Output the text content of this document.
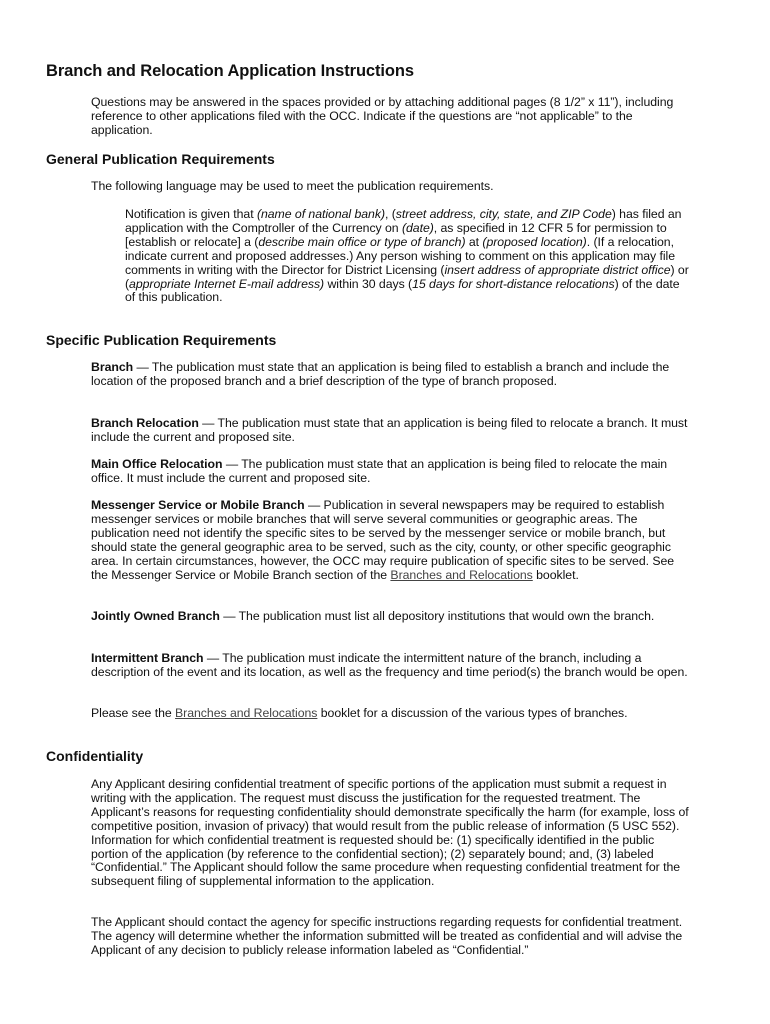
Branch and Relocation Application Instructions

Questions may be answered in the spaces provided or by attaching additional pages (8 1/2” x 11”), including reference to other applications filed with the OCC. Indicate if the questions are “not applicable” to the application.

General Publication Requirements

The following language may be used to meet the publication requirements.

Notification is given that (name of national bank), (street address, city, state, and ZIP Code) has filed an application with the Comptroller of the Currency on (date), as specified in 12 CFR 5 for permission to [establish or relocate] a (describe main office or type of branch) at (proposed location). (If a relocation, indicate current and proposed addresses.) Any person wishing to comment on this application may file comments in writing with the Director for District Licensing (insert address of appropriate district office) or (appropriate Internet E-mail address) within 30 days (15 days for short-distance relocations) of the date of this publication.

Specific Publication Requirements

Branch — The publication must state that an application is being filed to establish a branch and include the location of the proposed branch and a brief description of the type of branch proposed.

Branch Relocation — The publication must state that an application is being filed to relocate a branch. It must include the current and proposed site.

Main Office Relocation — The publication must state that an application is being filed to relocate the main office. It must include the current and proposed site.

Messenger Service or Mobile Branch — Publication in several newspapers may be required to establish messenger services or mobile branches that will serve several communities or geographic areas. The publication need not identify the specific sites to be served by the messenger service or mobile branch, but should state the general geographic area to be served, such as the city, county, or other specific geographic area. In certain circumstances, however, the OCC may require publication of specific sites to be served. See the Messenger Service or Mobile Branch section of the Branches and Relocations booklet.

Jointly Owned Branch — The publication must list all depository institutions that would own the branch.

Intermittent Branch — The publication must indicate the intermittent nature of the branch, including a description of the event and its location, as well as the frequency and time period(s) the branch would be open.

Please see the Branches and Relocations booklet for a discussion of the various types of branches.

Confidentiality

Any Applicant desiring confidential treatment of specific portions of the application must submit a request in writing with the application. The request must discuss the justification for the requested treatment. The Applicant’s reasons for requesting confidentiality should demonstrate specifically the harm (for example, loss of competitive position, invasion of privacy) that would result from the public release of information (5 USC 552). Information for which confidential treatment is requested should be: (1) specifically identified in the public portion of the application (by reference to the confidential section); (2) separately bound; and, (3) labeled “Confidential.” The Applicant should follow the same procedure when requesting confidential treatment for the subsequent filing of supplemental information to the application.

The Applicant should contact the agency for specific instructions regarding requests for confidential treatment. The agency will determine whether the information submitted will be treated as confidential and will advise the Applicant of any decision to publicly release information labeled as “Confidential.”
